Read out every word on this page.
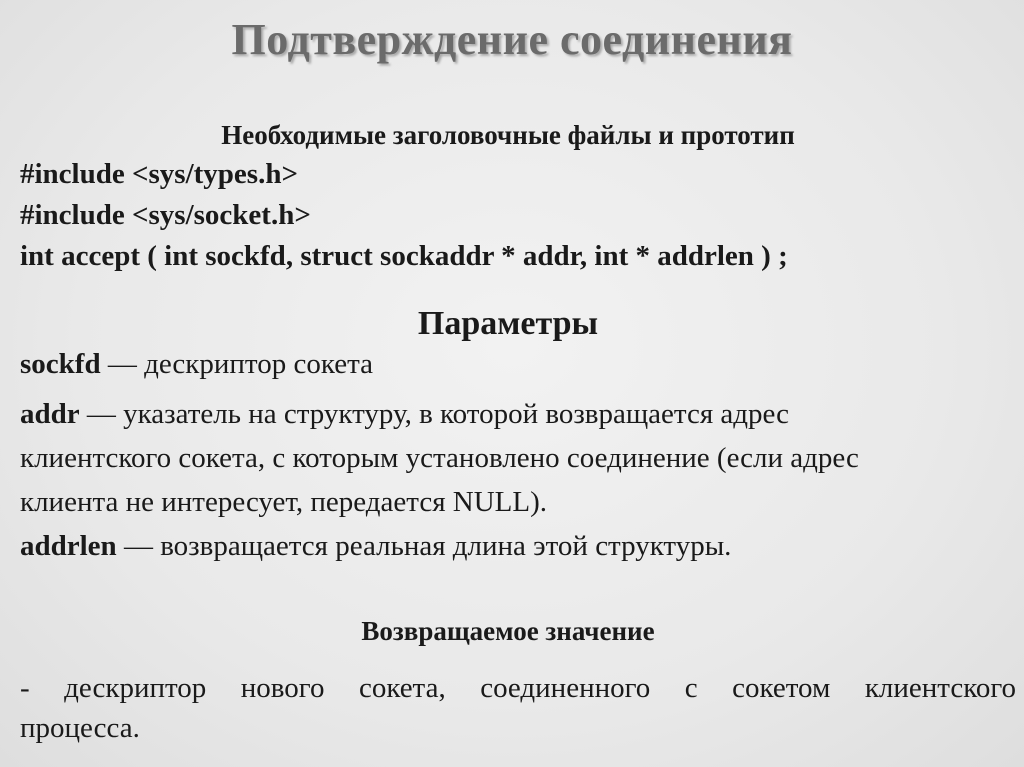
Подтверждение соединения
Необходимые заголовочные файлы и прототип
#include <sys/types.h>
#include <sys/socket.h>
int accept ( int sockfd, struct sockaddr * addr, int * addrlen ) ;
Параметры
sockfd — дескриптор сокета
addr — указатель на структуру, в которой возвращается адрес клиентского сокета, с которым установлено соединение (если адрес клиента не интересует, передается NULL).
addrlen — возвращается реальная длина этой структуры.
Возвращаемое значение
- дескриптор нового сокета, соединенного с сокетом клиентского
процесса.
